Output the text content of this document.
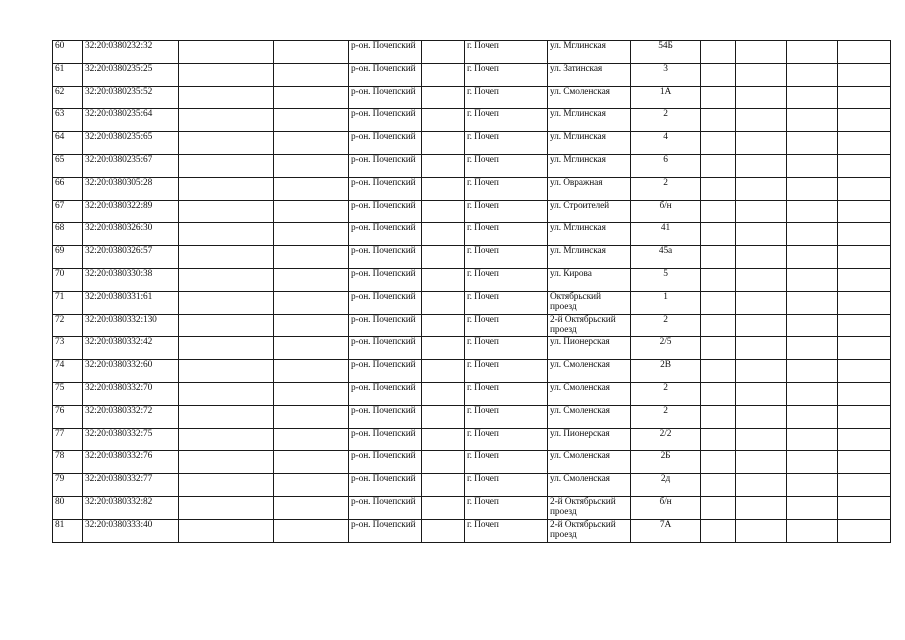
60	32:20:0380232:32			р-он. Почепский		г. Почеп	ул. Мглинская	54Б				
61	32:20:0380235:25			р-он. Почепский		г. Почеп	ул. Затинская	3				
62	32:20:0380235:52			р-он. Почепский		г. Почеп	ул. Смоленская	1А				
63	32:20:0380235:64			р-он. Почепский		г. Почеп	ул. Мглинская	2				
64	32:20:0380235:65			р-он. Почепский		г. Почеп	ул. Мглинская	4				
65	32:20:0380235:67			р-он. Почепский		г. Почеп	ул. Мглинская	6				
66	32:20:0380305:28			р-он. Почепский		г. Почеп	ул. Овражная	2				
67	32:20:0380322:89			р-он. Почепский		г. Почеп	ул. Строителей	б/н				
68	32:20:0380326:30			р-он. Почепский		г. Почеп	ул. Мглинская	41				
69	32:20:0380326:57			р-он. Почепский		г. Почеп	ул. Мглинская	45а				
70	32:20:0380330:38			р-он. Почепский		г. Почеп	ул. Кирова	5				
71	32:20:0380331:61			р-он. Почепский		г. Почеп	Октябрьский проезд	1				
72	32:20:0380332:130			р-он. Почепский		г. Почеп	2-й Октябрьский проезд	2				
73	32:20:0380332:42			р-он. Почепский		г. Почеп	ул. Пионерская	2/5				
74	32:20:0380332:60			р-он. Почепский		г. Почеп	ул. Смоленская	2В				
75	32:20:0380332:70			р-он. Почепский		г. Почеп	ул. Смоленская	2				
76	32:20:0380332:72			р-он. Почепский		г. Почеп	ул. Смоленская	2				
77	32:20:0380332:75			р-он. Почепский		г. Почеп	ул. Пионерская	2/2				
78	32:20:0380332:76			р-он. Почепский		г. Почеп	ул. Смоленская	2Б				
79	32:20:0380332:77			р-он. Почепский		г. Почеп	ул. Смоленская	2д				
80	32:20:0380332:82			р-он. Почепский		г. Почеп	2-й Октябрьский проезд	б/н				
81	32:20:0380333:40			р-он. Почепский		г. Почеп	2-й Октябрьский проезд	7А				
